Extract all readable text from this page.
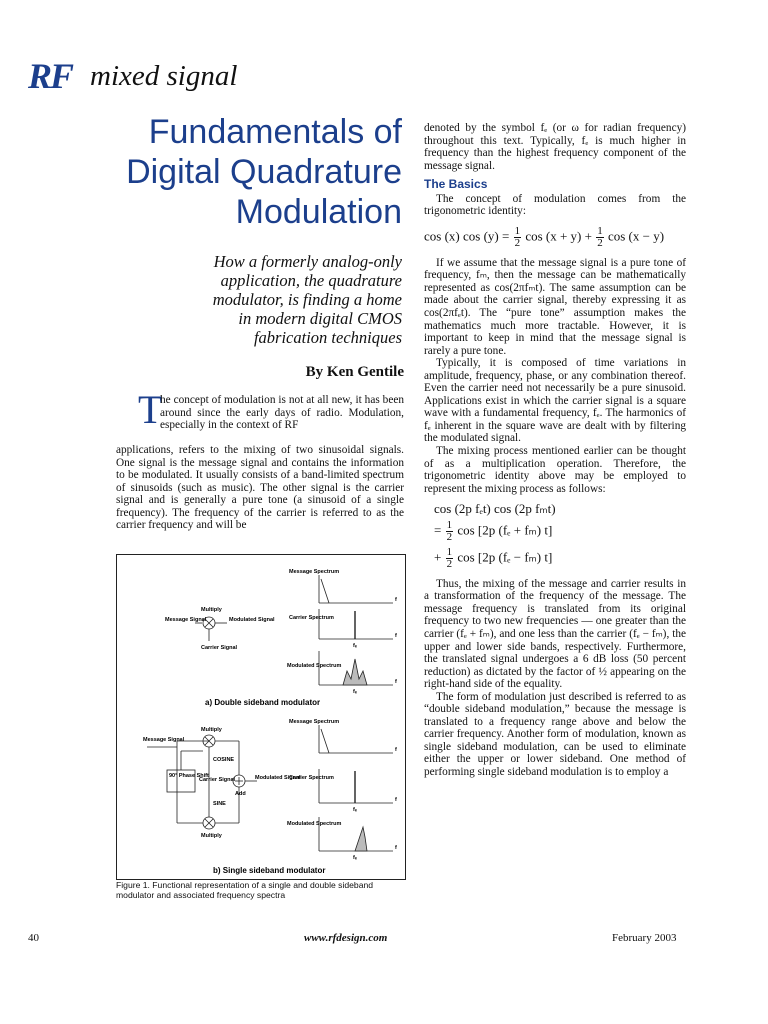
RF mixed signal
Fundamentals of
Digital Quadrature
Modulation
How a formerly analog-only
application, the quadrature
modulator, is finding a home
in modern digital CMOS
fabrication techniques
By Ken Gentile
T

he concept of modulation is not at all new, it has been around since the early days of radio. Modulation, especially in the context of RF

applications, refers to the mixing of two sinusoidal signals. One signal is the message signal and contains the information to be modulated. It usually consists of a band-limited spectrum of sinusoids (such as music). The other signal is the carrier signal and is generally a pure tone (a sinusoid of a single frequency). The frequency of the carrier is referred to as the carrier frequency and will be

Message Spectrum
Carrier Spectrum
Modulated Spectrum
Message Signal	Modulated Signal
Multiply
Carrier Signal
f
f
f
fₑ
fₑ
a) Double sideband modulator
Message Signal
Multiply
Multiply
90° Phase Shift
Carrier Signal
COSINE
SINE
Add
Modulated Signal
Message Spectrum
Carrier Spectrum
Modulated Spectrum
f
f
f
fₑ
fₑ
b) Single sideband modulator
Figure 1. Functional representation of a single and double sideband modulator and associated frequency spectra

denoted by the symbol fₑ (or ω for radian frequency) throughout this text. Typically, fₑ is much higher in frequency than the highest frequency component of the message signal.

The Basics

The concept of modulation comes from the trigonometric identity:

cos (x) $\cos (y) = \frac{1}{2}$ $\cos (x + y) + \frac{1}{2}$ cos (x − y)

If we assume that the message signal is a pure tone of frequency, fₘ, then the message can be mathematically represented as cos(2πfₘt). The same assumption can be made about the carrier signal, thereby expressing it as cos(2πfₑt). The “pure tone” assumption makes the mathematics much more tractable. However, it is important to keep in mind that the message signal is rarely a pure tone.

Typically, it is composed of time variations in amplitude, frequency, phase, or any combination thereof. Even the carrier need not necessarily be a pure sinusoid. Applications exist in which the carrier signal is a square wave with a fundamental frequency, fₑ. The harmonics of fₑ inherent in the square wave are dealt with by filtering the modulated signal.

The mixing process mentioned earlier can be thought of as a multiplication operation. Therefore, the trigonometric identity above may be employed to represent the mixing process as follows:

cos (2p fₑt) cos (2p fₘt)
= $\frac{1}{2}$ cos [2p (fₑ + fₘ) t]
+ $\frac{1}{2}$ cos [2p (fₑ − fₘ) t]

Thus, the mixing of the message and carrier results in a transformation of the frequency of the message. The message frequency is translated from its original frequency to two new frequencies — one greater than the carrier (fₑ + fₘ), and one less than the carrier (fₑ − fₘ), the upper and lower side bands, respectively. Furthermore, the translated signal undergoes a 6 dB loss (50 percent reduction) as dictated by the factor of ½ appearing on the right-hand side of the equality.

The form of modulation just described is referred to as “double sideband modulation,” because the message is translated to a frequency range above and below the carrier frequency. Another form of modulation, known as single sideband modulation, can be used to eliminate either the upper or lower sideband. One method of performing single sideband modulation is to employ a

40	www.rfdesign.com	February 2003
